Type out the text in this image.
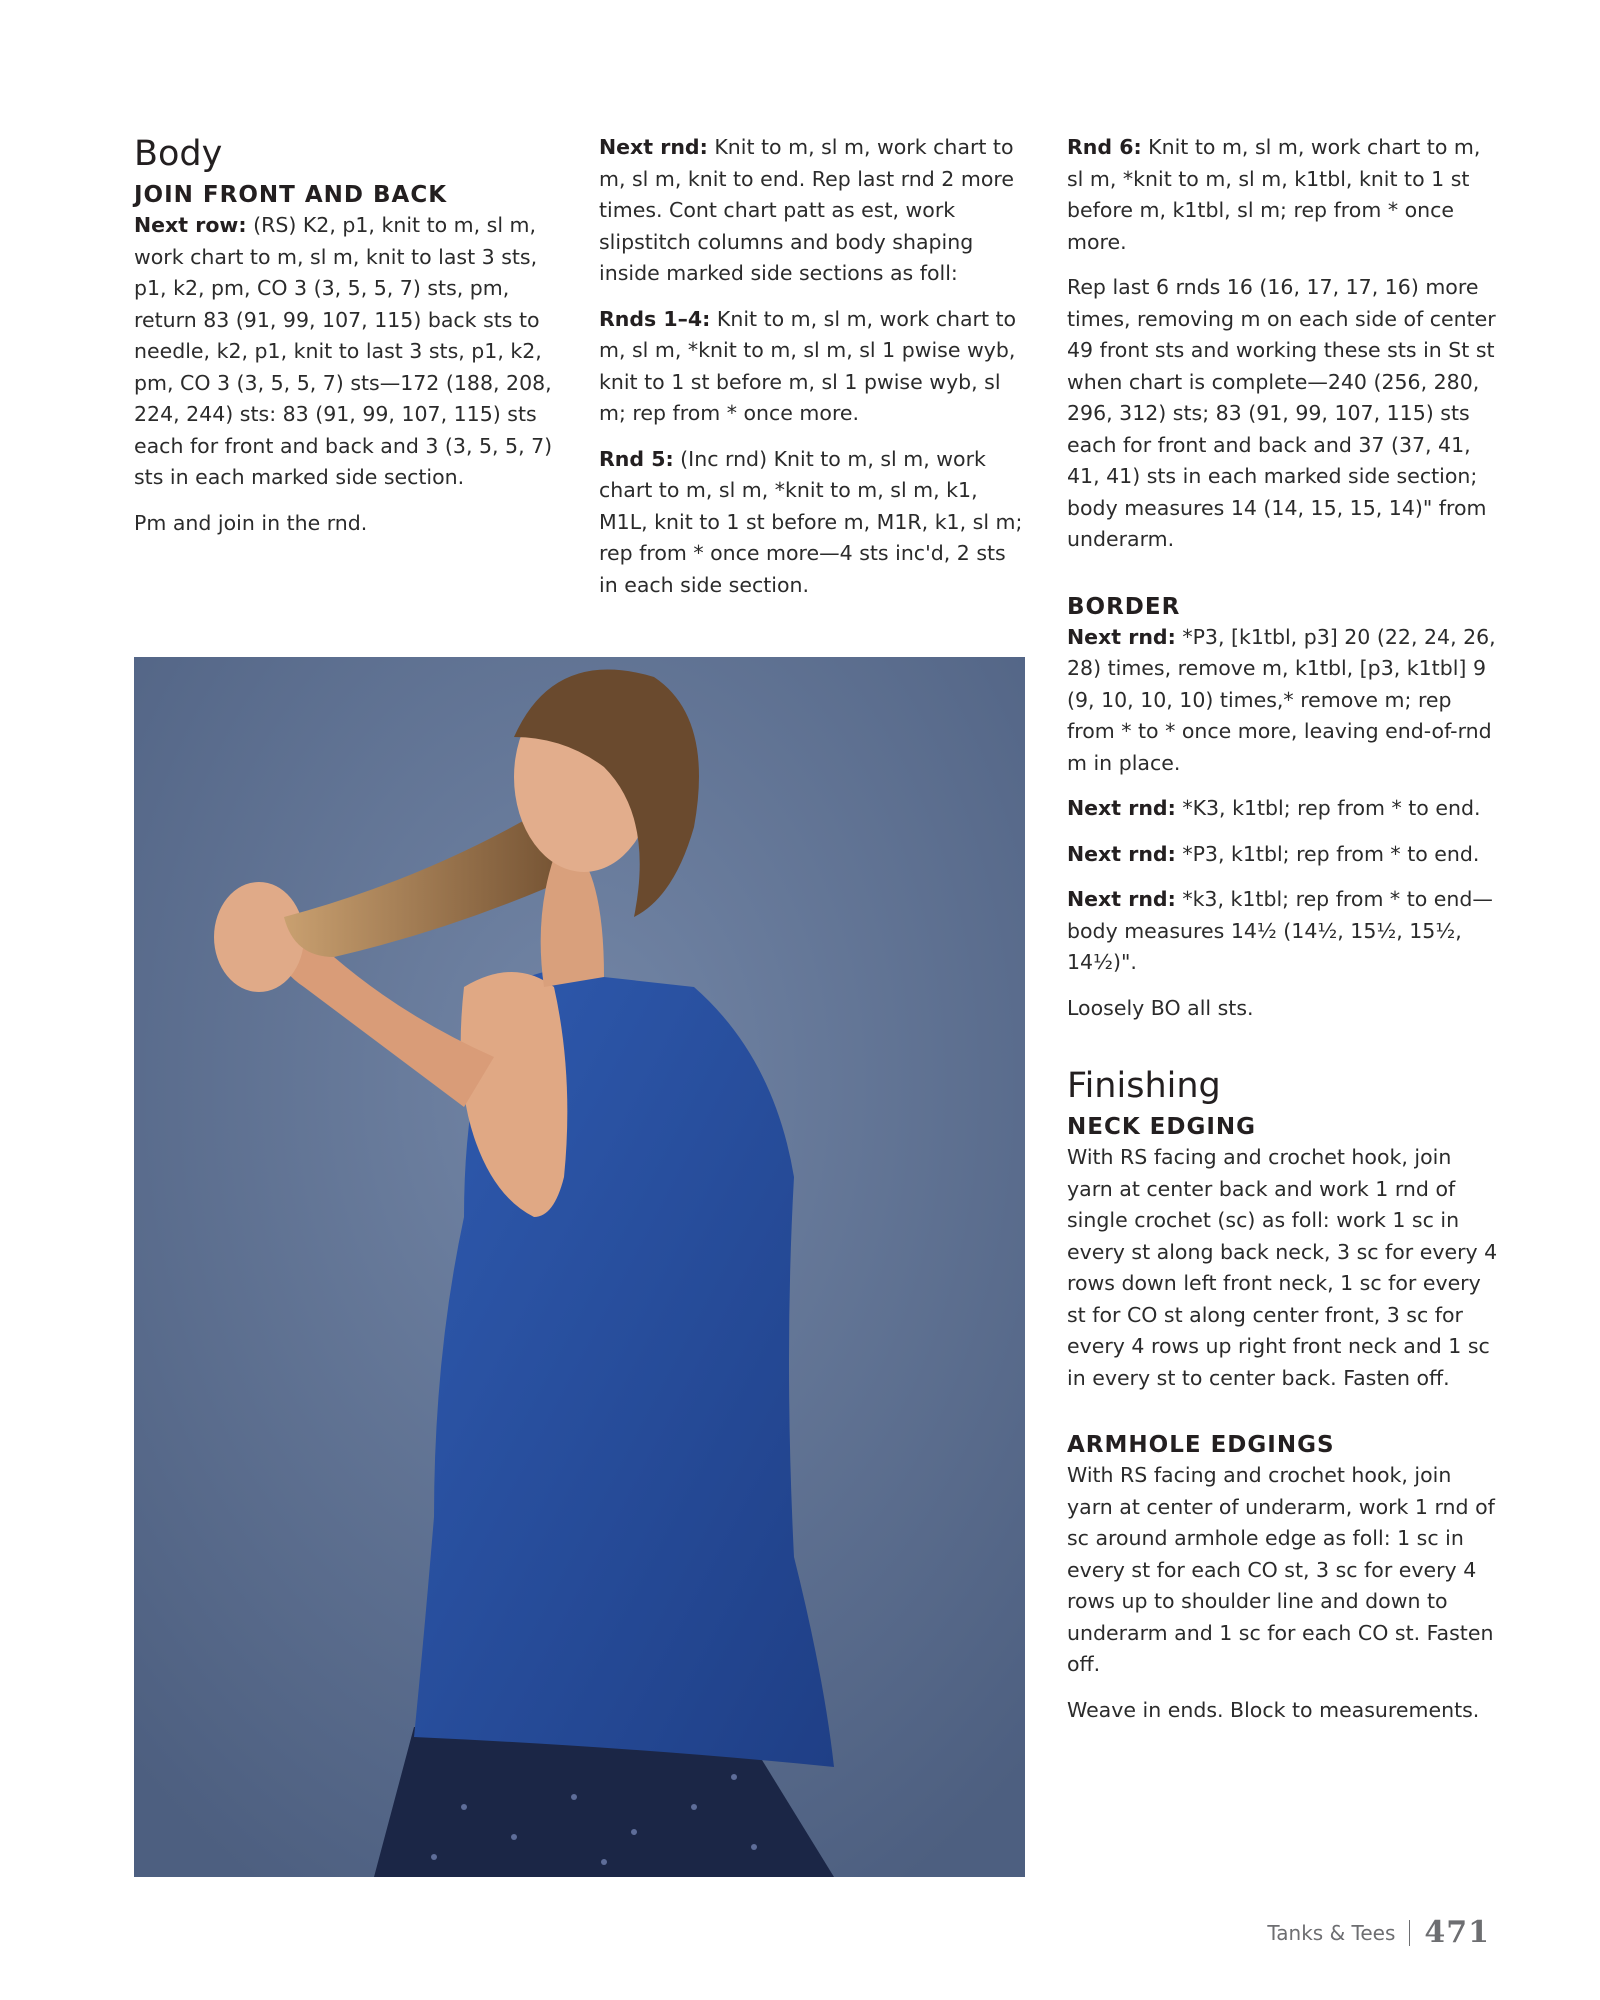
Body
JOIN FRONT AND BACK

Next row: (RS) K2, p1, knit to m, sl m, work chart to m, sl m, knit to last 3 sts, p1, k2, pm, CO 3 (3, 5, 5, 7) sts, pm, return 83 (91, 99, 107, 115) back sts to needle, k2, p1, knit to last 3 sts, p1, k2, pm, CO 3 (3, 5, 5, 7) sts—172 (188, 208, 224, 244) sts: 83 (91, 99, 107, 115) sts each for front and back and 3 (3, 5, 5, 7) sts in each marked side section.

Pm and join in the rnd.

Next rnd: Knit to m, sl m, work chart to m, sl m, knit to end. Rep last rnd 2 more times. Cont chart patt as est, work slipstitch columns and body shaping inside marked side sections as foll:

Rnds 1–4: Knit to m, sl m, work chart to m, sl m, *knit to m, sl m, sl 1 pwise wyb, knit to 1 st before m, sl 1 pwise wyb, sl m; rep from * once more.

Rnd 5: (Inc rnd) Knit to m, sl m, work chart to m, sl m, *knit to m, sl m, k1, M1L, knit to 1 st before m, M1R, k1, sl m; rep from * once more—4 sts inc'd, 2 sts in each side section.

Rnd 6: Knit to m, sl m, work chart to m, sl m, *knit to m, sl m, k1tbl, knit to 1 st before m, k1tbl, sl m; rep from * once more.

Rep last 6 rnds 16 (16, 17, 17, 16) more times, removing m on each side of center 49 front sts and working these sts in St st when chart is complete—240 (256, 280, 296, 312) sts; 83 (91, 99, 107, 115) sts each for front and back and 37 (37, 41, 41, 41) sts in each marked side section; body measures 14 (14, 15, 15, 14)" from underarm.

BORDER

Next rnd: *P3, [k1tbl, p3] 20 (22, 24, 26, 28) times, remove m, k1tbl, [p3, k1tbl] 9 (9, 10, 10, 10) times,* remove m; rep from * to * once more, leaving end-of-rnd m in place.

Next rnd: *K3, k1tbl; rep from * to end.

Next rnd: *P3, k1tbl; rep from * to end.

Next rnd: *k3, k1tbl; rep from * to end—body measures 14½ (14½, 15½, 15½, 14½)".

Loosely BO all sts.

Finishing
NECK EDGING

With RS facing and crochet hook, join yarn at center back and work 1 rnd of single crochet (sc) as foll: work 1 sc in every st along back neck, 3 sc for every 4 rows down left front neck, 1 sc for every st for CO st along center front, 3 sc for every 4 rows up right front neck and 1 sc in every st to center back. Fasten off.

ARMHOLE EDGINGS

With RS facing and crochet hook, join yarn at center of underarm, work 1 rnd of sc around armhole edge as foll: 1 sc in every st for each CO st, 3 sc for every 4 rows up to shoulder line and down to underarm and 1 sc for each CO st. Fasten off.

Weave in ends. Block to measurements.

Tanks & Tees 471
